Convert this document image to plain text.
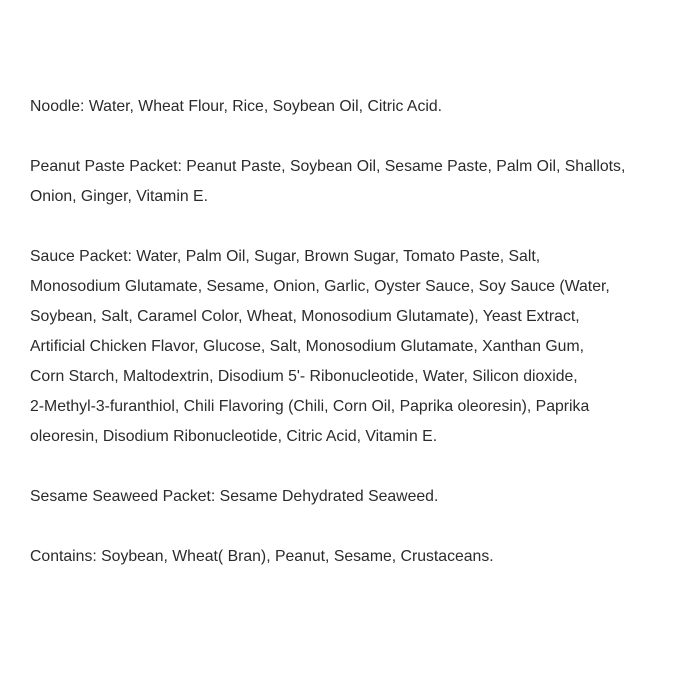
Noodle: Water, Wheat Flour, Rice, Soybean Oil, Citric Acid.

Peanut Paste Packet: Peanut Paste, Soybean Oil, Sesame Paste, Palm Oil, Shallots,
Onion, Ginger, Vitamin E.

Sauce Packet: Water, Palm Oil, Sugar, Brown Sugar, Tomato Paste, Salt,
Monosodium Glutamate, Sesame, Onion, Garlic, Oyster Sauce, Soy Sauce (Water,
Soybean, Salt, Caramel Color, Wheat, Monosodium Glutamate), Yeast Extract,
Artificial Chicken Flavor, Glucose, Salt, Monosodium Glutamate, Xanthan Gum,
Corn Starch, Maltodextrin, Disodium 5'- Ribonucleotide, Water, Silicon dioxide,
2-Methyl-3-furanthiol, Chili Flavoring (Chili, Corn Oil, Paprika oleoresin), Paprika
oleoresin, Disodium Ribonucleotide, Citric Acid, Vitamin E.

Sesame Seaweed Packet: Sesame Dehydrated Seaweed.

Contains: Soybean, Wheat( Bran), Peanut, Sesame, Crustaceans.
